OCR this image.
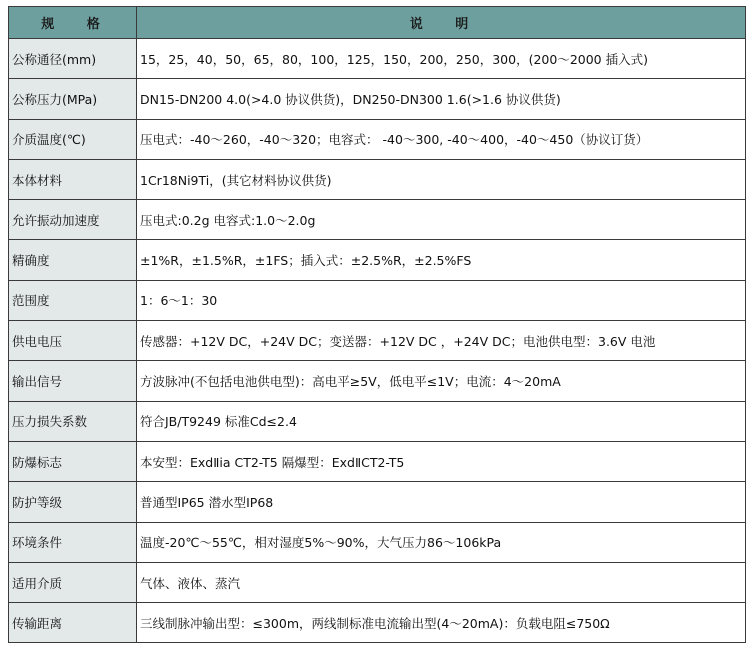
规 格	说 明
公称通径(mm)	15，25，40，50，65，80，100，125，150，200，250，300，(200～2000 插入式)
公称压力(MPa)	DN15-DN200 4.0(>4.0 协议供货)，DN250-DN300 1.6(>1.6 协议供货)
介质温度(℃)	压电式：-40～260，-40～320；电容式： -40～300, -40～400，-40～450（协议订货）
本体材料	1Cr18Ni9Ti，(其它材料协议供货)
允许振动加速度	压电式:0.2g 电容式:1.0～2.0g
精确度	±1%R，±1.5%R，±1FS；插入式：±2.5%R，±2.5%FS
范围度	1：6～1：30
供电电压	传感器：+12V DC，+24V DC；变送器：+12V DC ，+24V DC；电池供电型：3.6V 电池
输出信号	方波脉冲(不包括电池供电型)：高电平≥5V，低电平≤1V；电流：4～20mA
压力损失系数	符合JB/T9249 标准Cd≤2.4
防爆标志	本安型：ExdⅡia CT2-T5 隔爆型：ExdⅡCT2-T5
防护等级	普通型IP65 潜水型IP68
环境条件	温度-20℃～55℃，相对湿度5%～90%，大气压力86～106kPa
适用介质	气体、液体、蒸汽
传输距离	三线制脉冲输出型：≤300m，两线制标准电流输出型(4～20mA)：负载电阻≤750Ω
